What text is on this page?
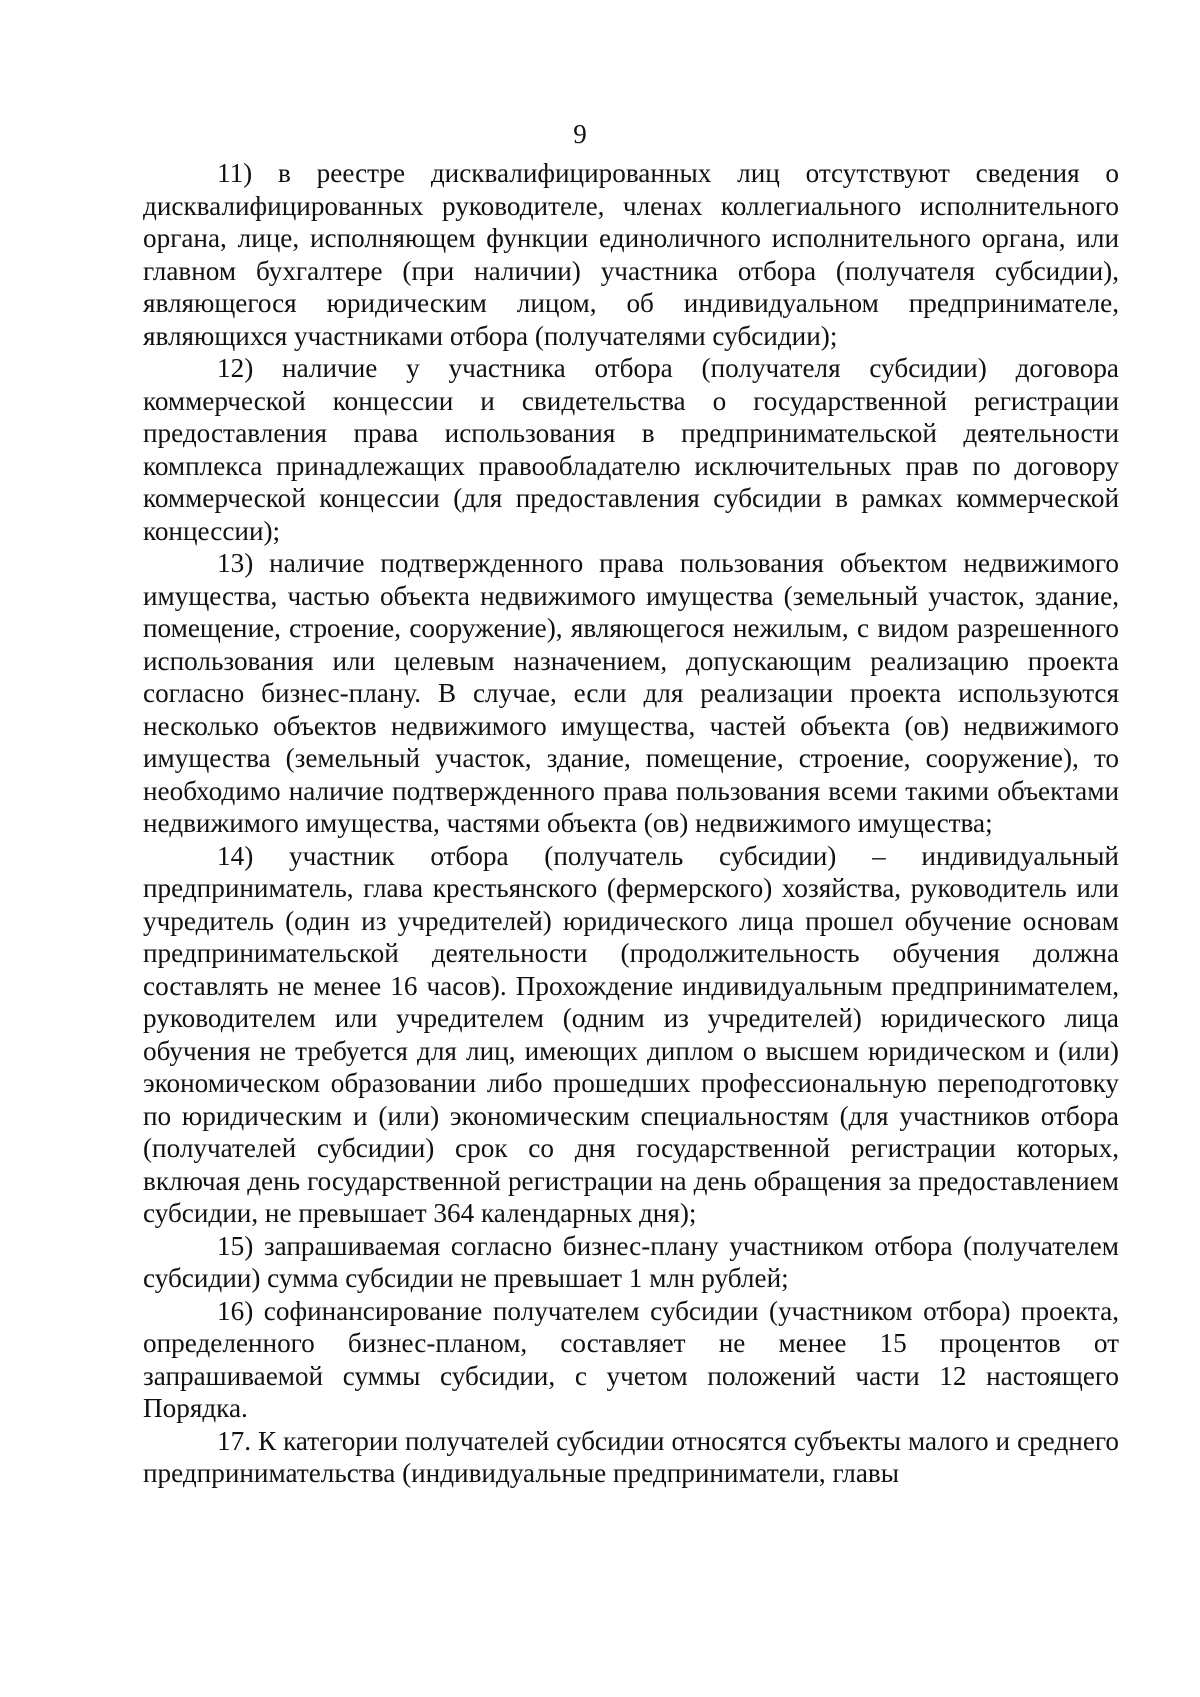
9

11) в реестре дисквалифицированных лиц отсутствуют сведения о дисквалифицированных руководителе, членах коллегиального исполнительного органа, лице, исполняющем функции единоличного исполнительного органа, или главном бухгалтере (при наличии) участника отбора (получателя субсидии), являющегося юридическим лицом, об индивидуальном предпринимателе, являющихся участниками отбора (получателями субсидии);

12) наличие у участника отбора (получателя субсидии) договора коммерческой концессии и свидетельства о государственной регистрации предоставления права использования в предпринимательской деятельности комплекса принадлежащих правообладателю исключительных прав по договору коммерческой концессии (для предоставления субсидии в рамках коммерческой концессии);

13) наличие подтвержденного права пользования объектом недвижимого имущества, частью объекта недвижимого имущества (земельный участок, здание, помещение, строение, сооружение), являющегося нежилым, с видом разрешенного использования или целевым назначением, допускающим реализацию проекта согласно бизнес-плану. В случае, если для реализации проекта используются несколько объектов недвижимого имущества, частей объекта (ов) недвижимого имущества (земельный участок, здание, помещение, строение, сооружение), то необходимо наличие подтвержденного права пользования всеми такими объектами недвижимого имущества, частями объекта (ов) недвижимого имущества;

14) участник отбора (получатель субсидии) – индивидуальный предприниматель, глава крестьянского (фермерского) хозяйства, руководитель или учредитель (один из учредителей) юридического лица прошел обучение основам предпринимательской деятельности (продолжительность обучения должна составлять не менее 16 часов). Прохождение индивидуальным предпринимателем, руководителем или учредителем (одним из учредителей) юридического лица обучения не требуется для лиц, имеющих диплом о высшем юридическом и (или) экономическом образовании либо прошедших профессиональную переподготовку по юридическим и (или) экономическим специальностям (для участников отбора (получателей субсидии) срок со дня государственной регистрации которых, включая день государственной регистрации на день обращения за предоставлением субсидии, не превышает 364 календарных дня);

15) запрашиваемая согласно бизнес-плану участником отбора (получателем субсидии) сумма субсидии не превышает 1 млн рублей;

16) софинансирование получателем субсидии (участником отбора) проекта, определенного бизнес-планом, составляет не менее 15 процентов от запрашиваемой суммы субсидии, с учетом положений части 12 настоящего Порядка.

17. К категории получателей субсидии относятся субъекты малого и среднего предпринимательства (индивидуальные предприниматели, главы
